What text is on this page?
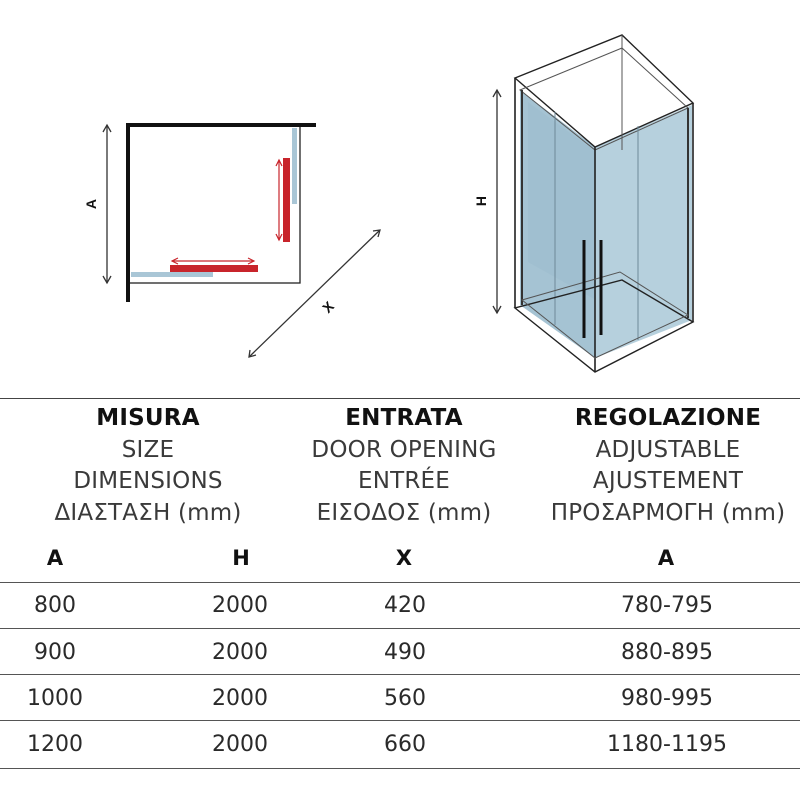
A
X
H
MISURA
SIZE
DIMENSIONS
ΔΙΑΣΤΑΣΗ (mm)
ENTRATA
DOOR OPENING
ENTRÉE
ΕΙΣΟΔΟΣ (mm)
REGOLAZIONE
ADJUSTABLE
AJUSTEMENT
ΠΡΟΣΑΡΜΟΓΗ (mm)
A	H	X	A
800	2000	420	780-795
900	2000	490	880-895
1000	2000	560	980-995
1200	2000	660	1180-1195
